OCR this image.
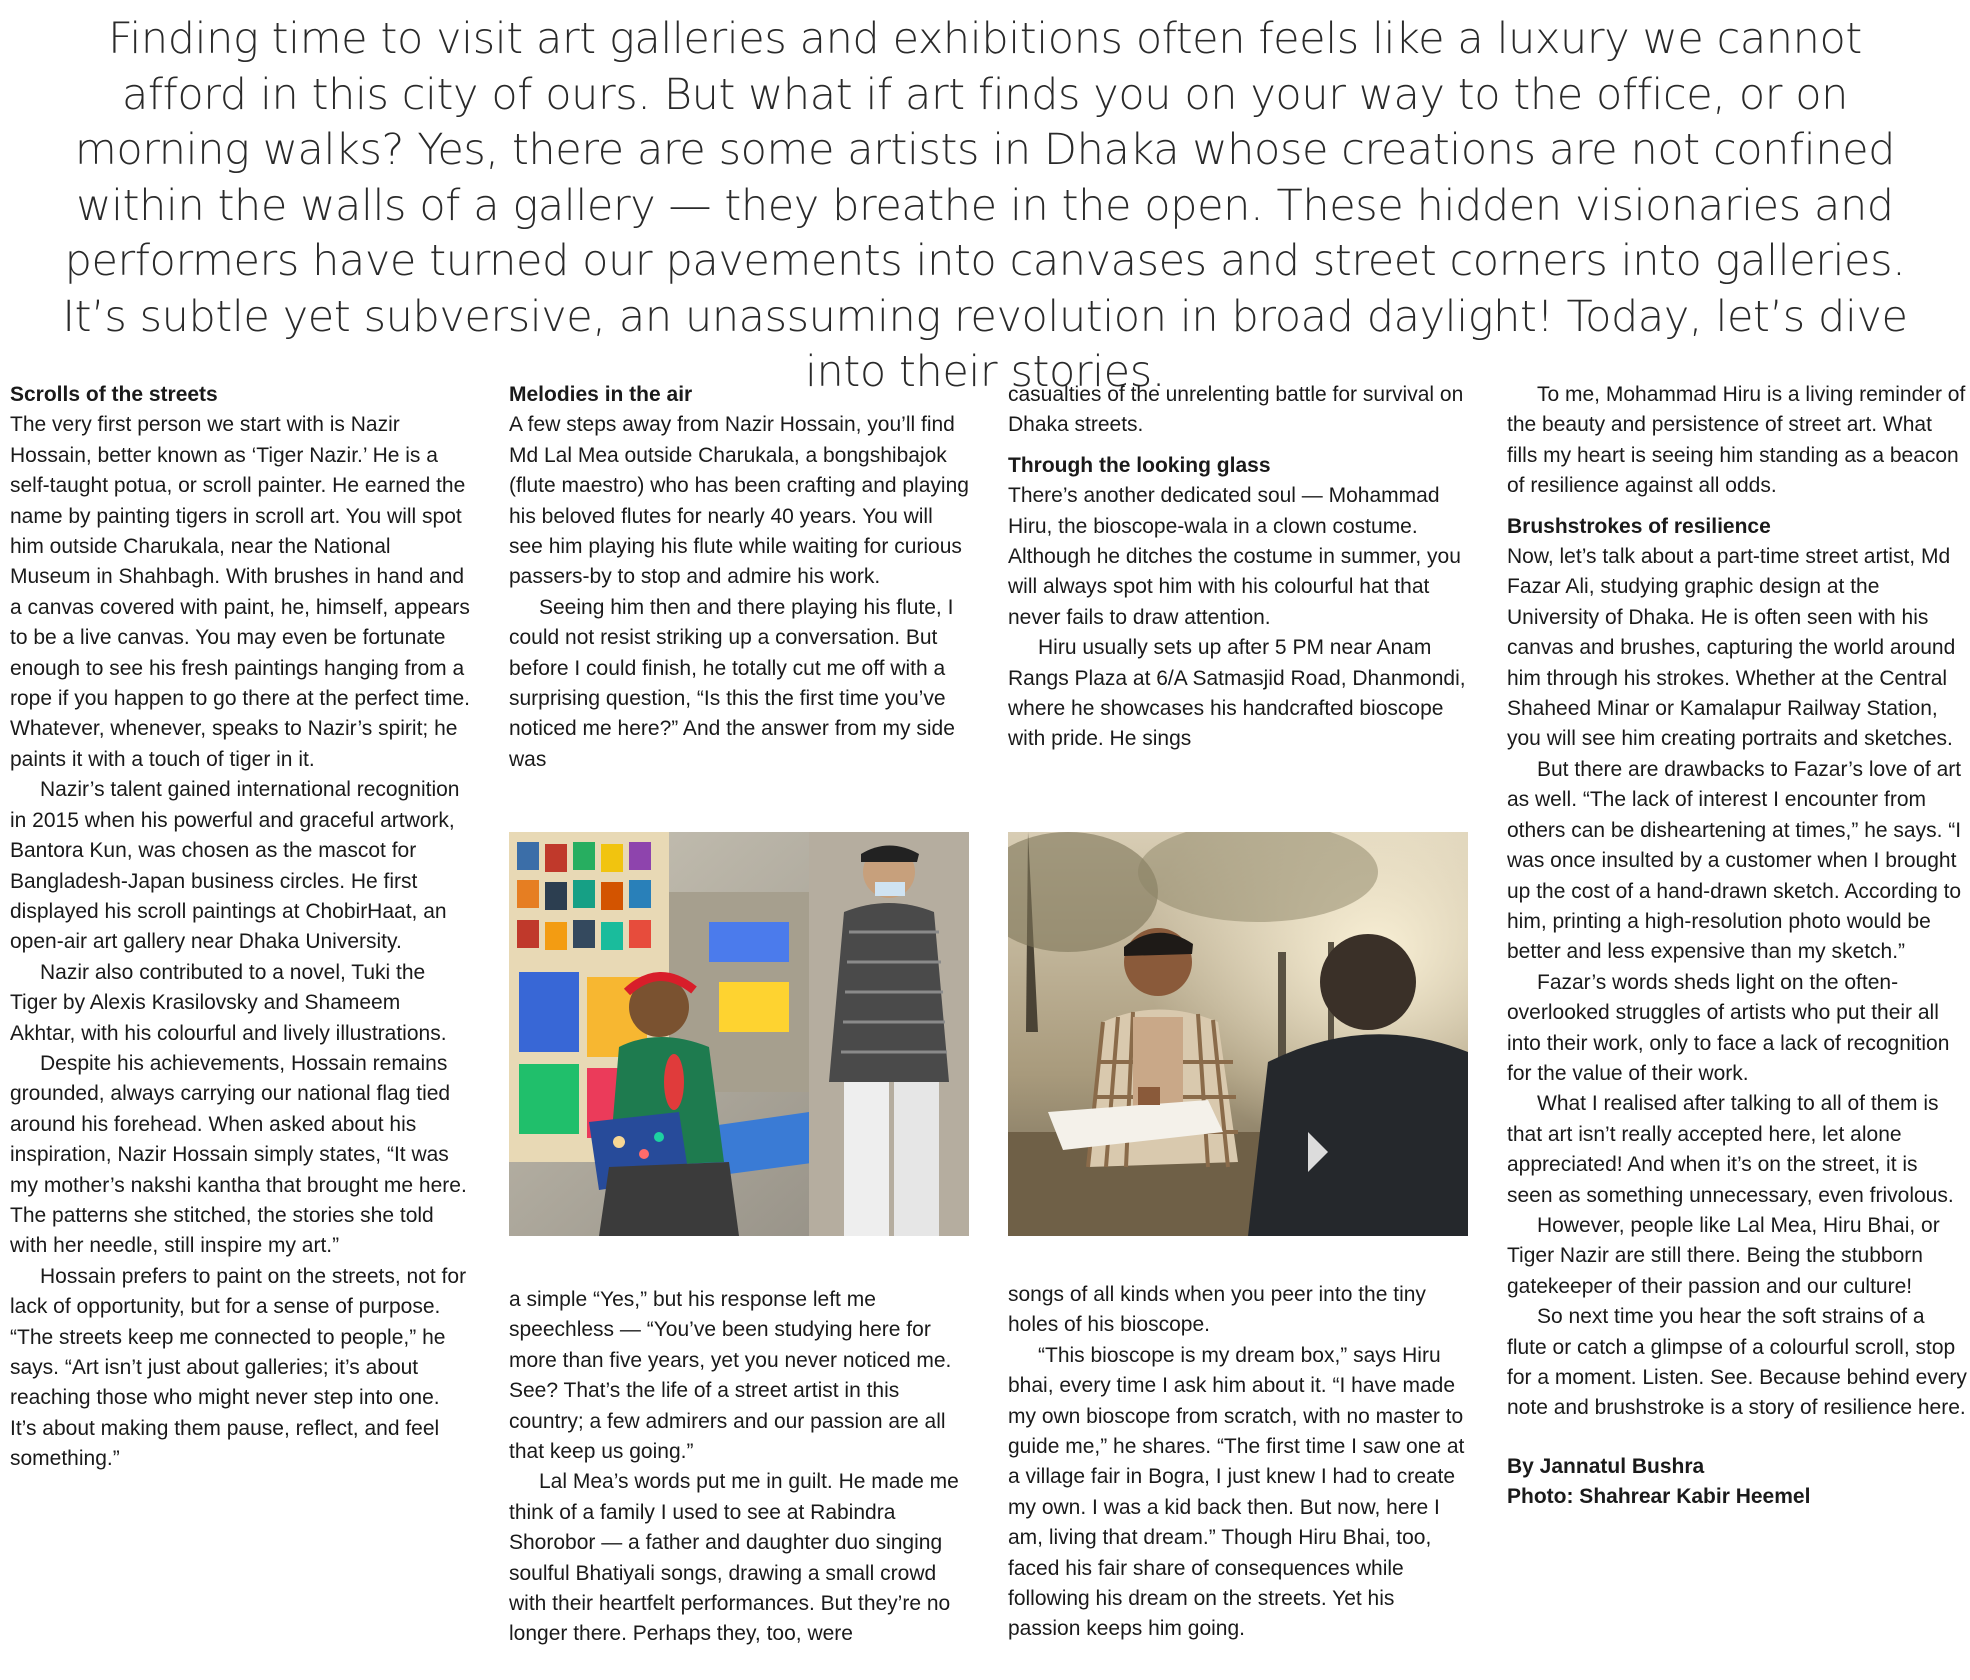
Finding time to visit art galleries and exhibitions often feels like a luxury we cannot afford in this city of ours. But what if art finds you on your way to the office, or on morning walks? Yes, there are some artists in Dhaka whose creations are not confined within the walls of a gallery — they breathe in the open. These hidden visionaries and performers have turned our pavements into canvases and street corners into galleries. It’s subtle yet subversive, an unassuming revolution in broad daylight! Today, let’s dive into their stories.

Scrolls of the streets

The very first person we start with is Nazir Hossain, better known as ‘Tiger Nazir.’ He is a self-taught potua, or scroll painter. He earned the name by painting tigers in scroll art. You will spot him outside Charukala, near the National Museum in Shahbagh. With brushes in hand and a canvas covered with paint, he, himself, appears to be a live canvas. You may even be fortunate enough to see his fresh paintings hanging from a rope if you happen to go there at the perfect time. Whatever, whenever, speaks to Nazir’s spirit; he paints it with a touch of tiger in it.

Nazir’s talent gained international recognition in 2015 when his powerful and graceful artwork, Bantora Kun, was chosen as the mascot for Bangladesh-Japan business circles. He first displayed his scroll paintings at ChobirHaat, an open-air art gallery near Dhaka University.

Nazir also contributed to a novel, Tuki the Tiger by Alexis Krasilovsky and Shameem Akhtar, with his colourful and lively illustrations.

Despite his achievements, Hossain remains grounded, always carrying our national flag tied around his forehead. When asked about his inspiration, Nazir Hossain simply states, “It was my mother’s nakshi kantha that brought me here. The patterns she stitched, the stories she told with her needle, still inspire my art.”

Hossain prefers to paint on the streets, not for lack of opportunity, but for a sense of purpose. “The streets keep me connected to people,” he says. “Art isn’t just about galleries; it’s about reaching those who might never step into one. It’s about making them pause, reflect, and feel something.”

Melodies in the air

A few steps away from Nazir Hossain, you’ll find Md Lal Mea outside Charukala, a bongshibajok (flute maestro) who has been crafting and playing his beloved flutes for nearly 40 years. You will see him playing his flute while waiting for curious passers-by to stop and admire his work.

Seeing him then and there playing his flute, I could not resist striking up a conversation. But before I could finish, he totally cut me off with a surprising question, “Is this the first time you’ve noticed me here?” And the answer from my side was

a simple “Yes,” but his response left me speechless — “You’ve been studying here for more than five years, yet you never noticed me. See? That’s the life of a street artist in this country; a few admirers and our passion are all that keep us going.”

Lal Mea’s words put me in guilt. He made me think of a family I used to see at Rabindra Shorobor — a father and daughter duo singing soulful Bhatiyali songs, drawing a small crowd with their heartfelt performances. But they’re no longer there. Perhaps they, too, were

casualties of the unrelenting battle for survival on Dhaka streets.

Through the looking glass

There’s another dedicated soul — Mohammad Hiru, the bioscope-wala in a clown costume. Although he ditches the costume in summer, you will always spot him with his colourful hat that never fails to draw attention.

Hiru usually sets up after 5 PM near Anam Rangs Plaza at 6/A Satmasjid Road, Dhanmondi, where he showcases his handcrafted bioscope with pride. He sings

songs of all kinds when you peer into the tiny holes of his bioscope.

“This bioscope is my dream box,” says Hiru bhai, every time I ask him about it. “I have made my own bioscope from scratch, with no master to guide me,” he shares. “The first time I saw one at a village fair in Bogra, I just knew I had to create my own. I was a kid back then. But now, here I am, living that dream.” Though Hiru Bhai, too, faced his fair share of consequences while following his dream on the streets. Yet his passion keeps him going.

To me, Mohammad Hiru is a living reminder of the beauty and persistence of street art. What fills my heart is seeing him standing as a beacon of resilience against all odds.

Brushstrokes of resilience

Now, let’s talk about a part-time street artist, Md Fazar Ali, studying graphic design at the University of Dhaka. He is often seen with his canvas and brushes, capturing the world around him through his strokes. Whether at the Central Shaheed Minar or Kamalapur Railway Station, you will see him creating portraits and sketches.

But there are drawbacks to Fazar’s love of art as well. “The lack of interest I encounter from others can be disheartening at times,” he says. “I was once insulted by a customer when I brought up the cost of a hand-drawn sketch. According to him, printing a high-resolution photo would be better and less expensive than my sketch.”

Fazar’s words sheds light on the often-overlooked struggles of artists who put their all into their work, only to face a lack of recognition for the value of their work.

What I realised after talking to all of them is that art isn’t really accepted here, let alone appreciated! And when it’s on the street, it is seen as something unnecessary, even frivolous.

However, people like Lal Mea, Hiru Bhai, or Tiger Nazir are still there. Being the stubborn gatekeeper of their passion and our culture!

So next time you hear the soft strains of a flute or catch a glimpse of a colourful scroll, stop for a moment. Listen. See. Because behind every note and brushstroke is a story of resilience here.

By Jannatul Bushra

Photo: Shahrear Kabir Heemel
